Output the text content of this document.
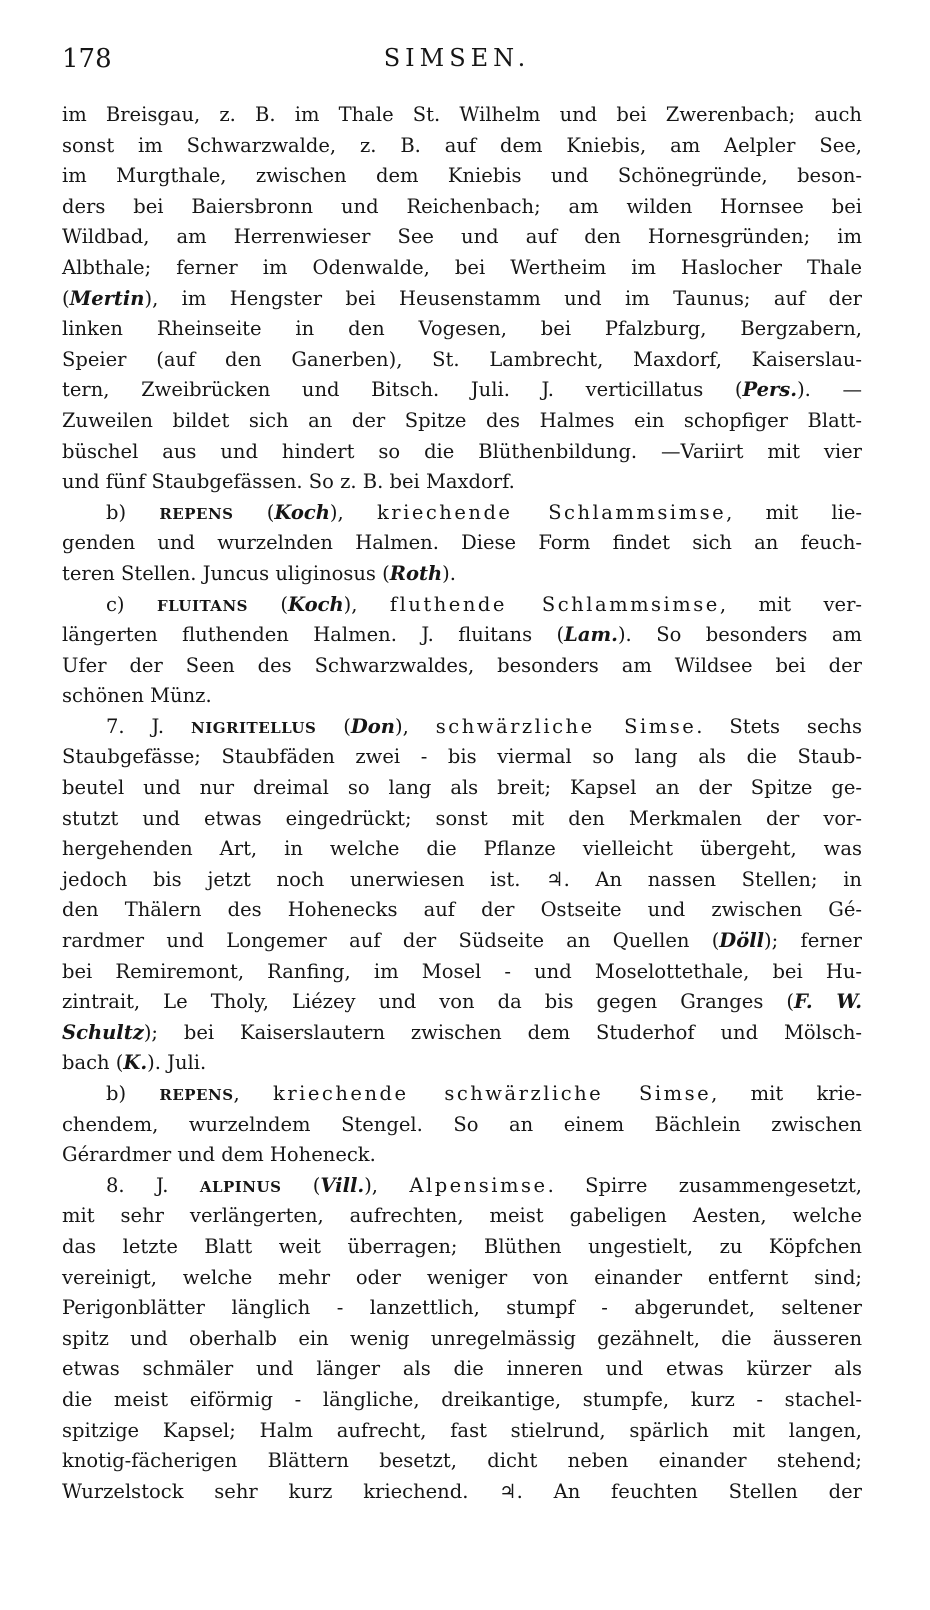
178	SIMSEN.
im Breisgau, z. B. im Thale St. Wilhelm und bei Zwerenbach; auch
sonst im Schwarzwalde, z. B. auf dem Kniebis, am Aelpler See,
im Murgthale, zwischen dem Kniebis und Schönegründe, beson-
ders bei Baiersbronn und Reichenbach; am wilden Hornsee bei
Wildbad, am Herrenwieser See und auf den Hornesgründen; im
Albthale; ferner im Odenwalde, bei Wertheim im Haslocher Thale
(Mertin), im Hengster bei Heusenstamm und im Taunus; auf der
linken Rheinseite in den Vogesen, bei Pfalzburg, Bergzabern,
Speier (auf den Ganerben), St. Lambrecht, Maxdorf, Kaiserslau-
tern, Zweibrücken und Bitsch. Juli. J. verticillatus (Pers.). —
Zuweilen bildet sich an der Spitze des Halmes ein schopfiger Blatt-
büschel aus und hindert so die Blüthenbildung. —Variirt mit vier
und fünf Staubgefässen. So z. B. bei Maxdorf.
b) REPENS (Koch), kriechende Schlammsimse, mit lie-
genden und wurzelnden Halmen. Diese Form findet sich an feuch-
teren Stellen. Juncus uliginosus (Roth).
c) FLUITANS (Koch), fluthende Schlammsimse, mit ver-
längerten fluthenden Halmen. J. fluitans (Lam.). So besonders am
Ufer der Seen des Schwarzwaldes, besonders am Wildsee bei der
schönen Münz.
7. J. NIGRITELLUS (Don), schwärzliche Simse. Stets sechs
Staubgefässe; Staubfäden zwei - bis viermal so lang als die Staub-
beutel und nur dreimal so lang als breit; Kapsel an der Spitze ge-
stutzt und etwas eingedrückt; sonst mit den Merkmalen der vor-
hergehenden Art, in welche die Pflanze vielleicht übergeht, was
jedoch bis jetzt noch unerwiesen ist. ♃. An nassen Stellen; in
den Thälern des Hohenecks auf der Ostseite und zwischen Gé-
rardmer und Longemer auf der Südseite an Quellen (Döll); ferner
bei Remiremont, Ranfing, im Mosel - und Moselottethale, bei Hu-
zintrait, Le Tholy, Liézey und von da bis gegen Granges (F. W.
Schultz); bei Kaiserslautern zwischen dem Studerhof und Mölsch-
bach (K.). Juli.
b) REPENS, kriechende schwärzliche Simse, mit krie-
chendem, wurzelndem Stengel. So an einem Bächlein zwischen
Gérardmer und dem Hoheneck.
8. J. ALPINUS (Vill.), Alpensimse. Spirre zusammengesetzt,
mit sehr verlängerten, aufrechten, meist gabeligen Aesten, welche
das letzte Blatt weit überragen; Blüthen ungestielt, zu Köpfchen
vereinigt, welche mehr oder weniger von einander entfernt sind;
Perigonblätter länglich - lanzettlich, stumpf - abgerundet, seltener
spitz und oberhalb ein wenig unregelmässig gezähnelt, die äusseren
etwas schmäler und länger als die inneren und etwas kürzer als
die meist eiförmig - längliche, dreikantige, stumpfe, kurz - stachel-
spitzige Kapsel; Halm aufrecht, fast stielrund, spärlich mit langen,
knotig-fächerigen Blättern besetzt, dicht neben einander stehend;
Wurzelstock sehr kurz kriechend. ♃. An feuchten Stellen der
